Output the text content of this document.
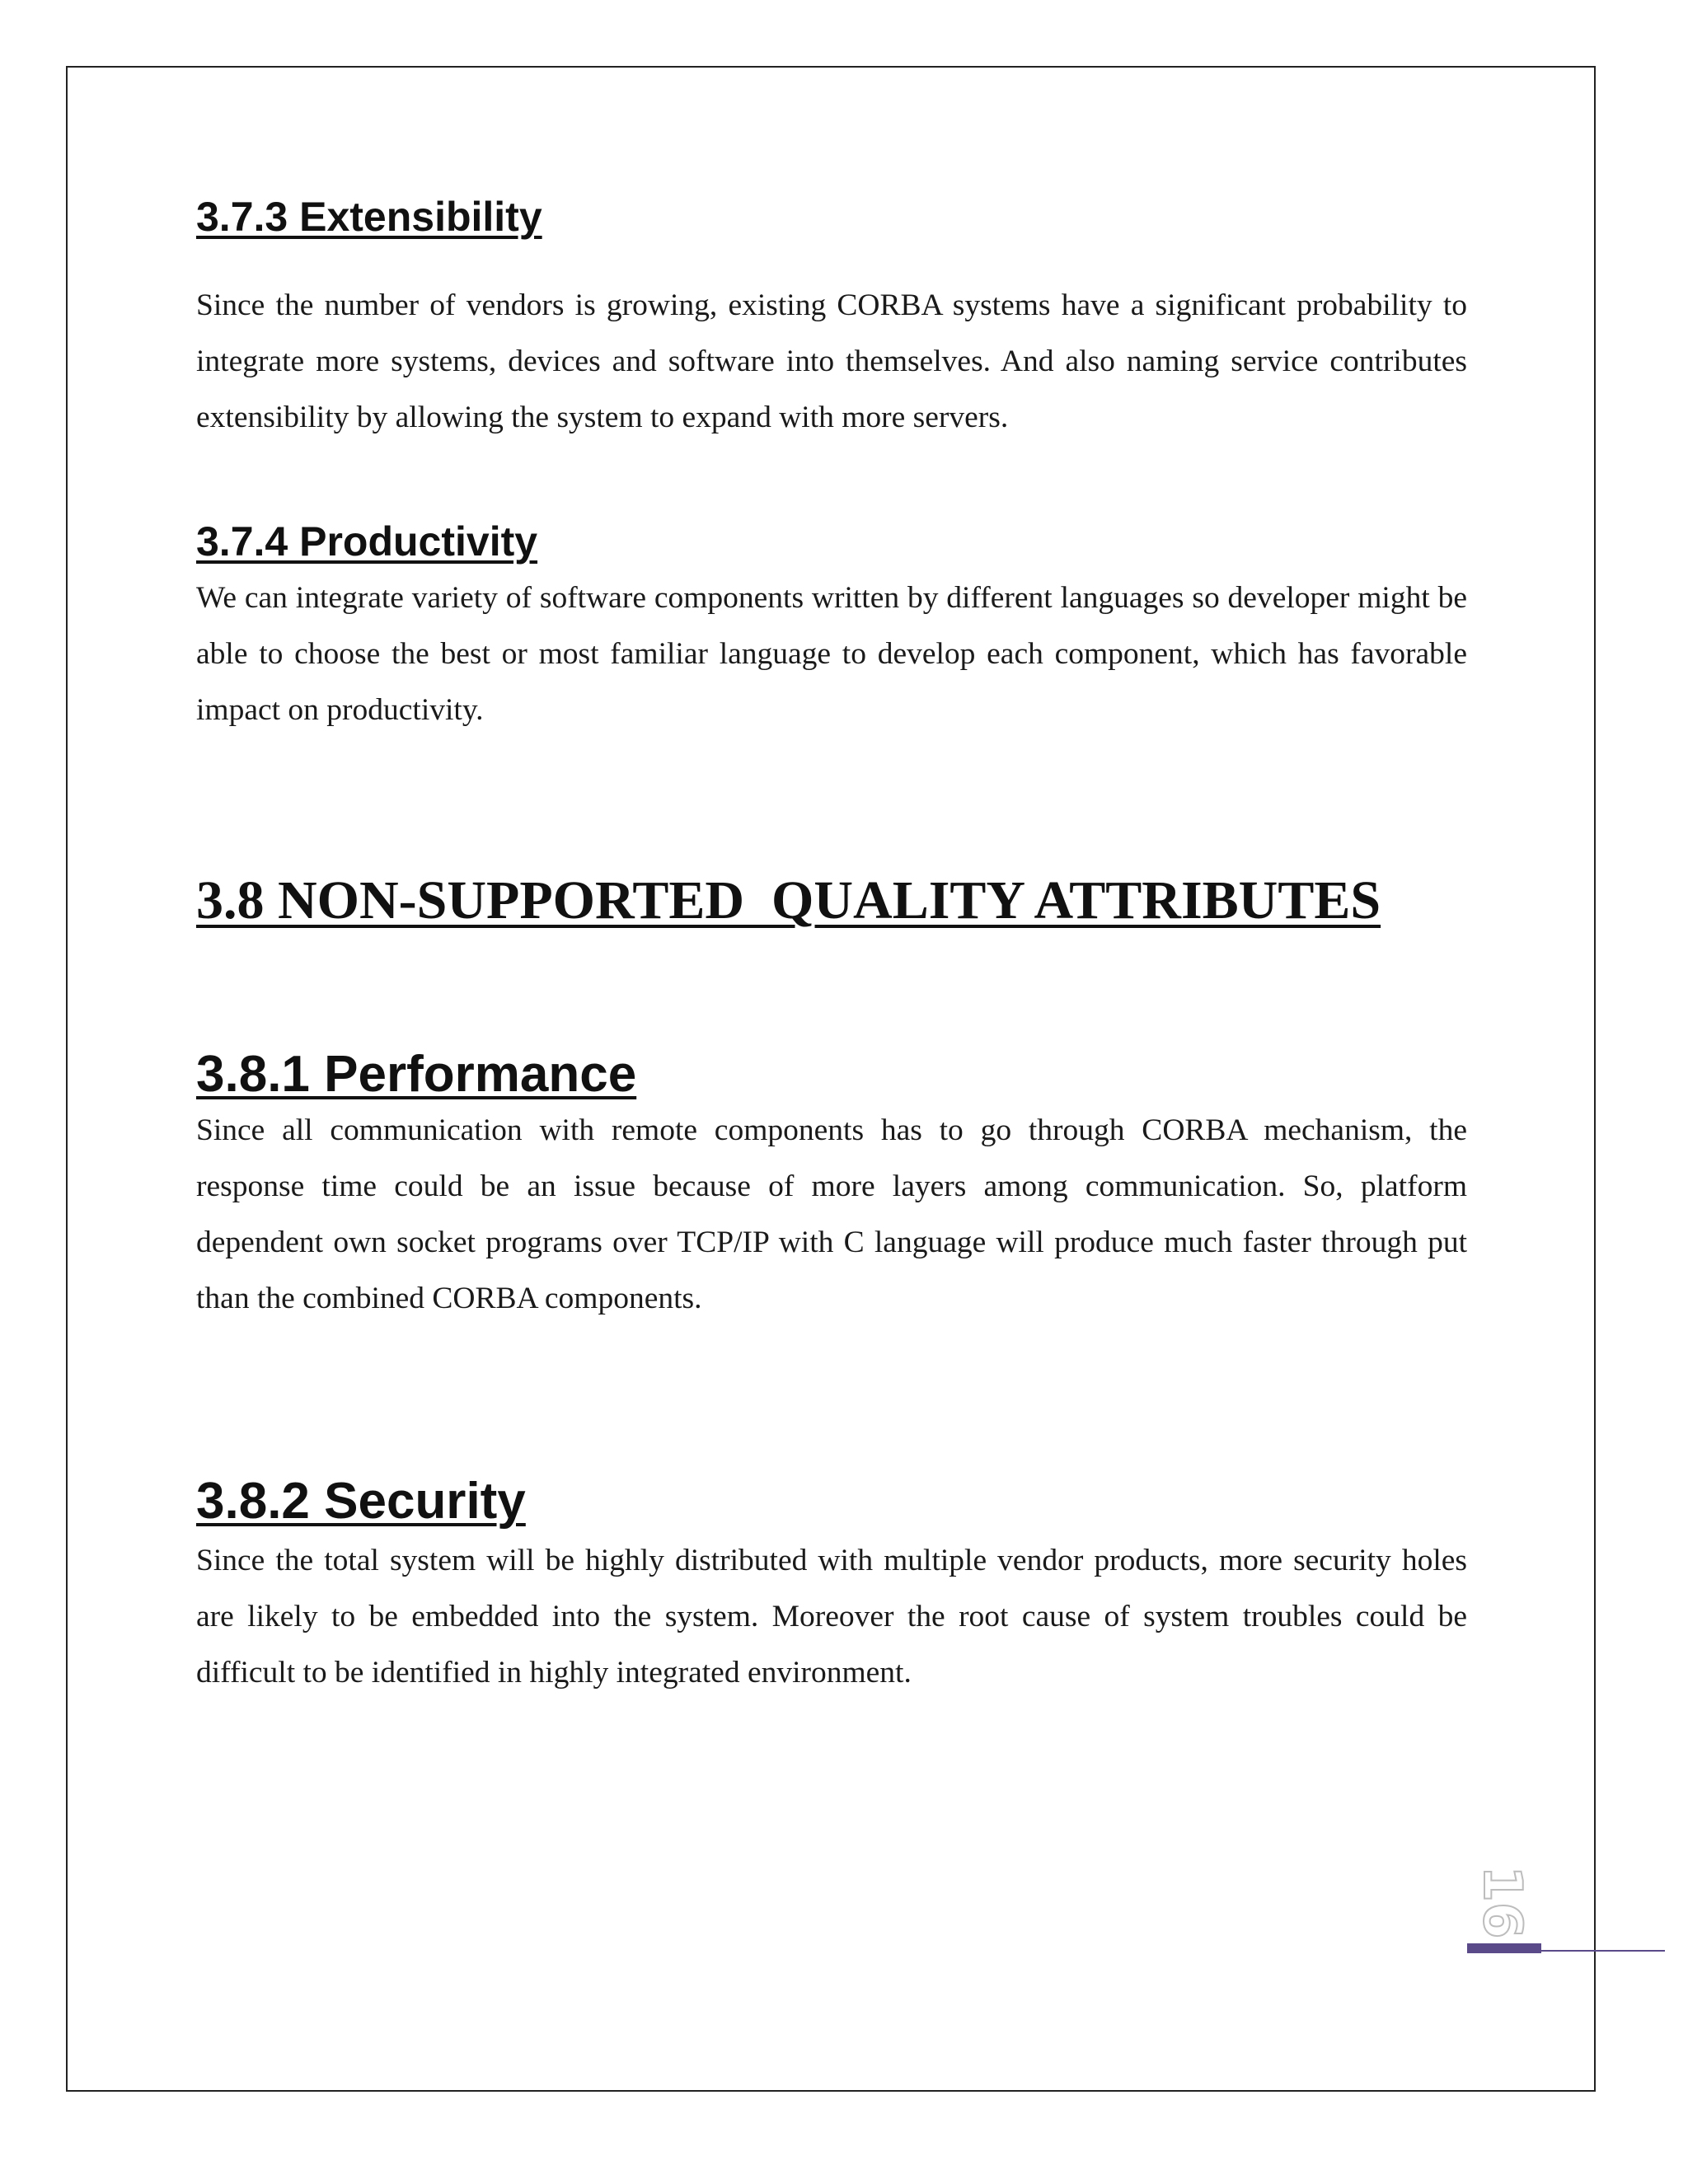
3.7.3 Extensibility

Since the number of vendors is growing, existing CORBA systems have a significant probability to integrate more systems, devices and software into themselves. And also naming service contributes extensibility by allowing the system to expand with more servers.

3.7.4 Productivity

We can integrate variety of software components written by different languages so developer might be able to choose the best or most familiar language to develop each component, which has favorable impact on productivity.

3.8 NON-SUPPORTED  QUALITY ATTRIBUTES
3.8.1 Performance

Since all communication with remote components has to go through CORBA mechanism, the response time could be an issue because of more layers among communication. So, platform dependent own socket programs over TCP/IP with C language will produce much faster through put than the combined CORBA components.

3.8.2 Security

Since the total system will be highly distributed with multiple vendor products, more security holes are likely to be embedded into the system. Moreover the root cause of system troubles could be difficult to be identified in highly integrated environment.

16
